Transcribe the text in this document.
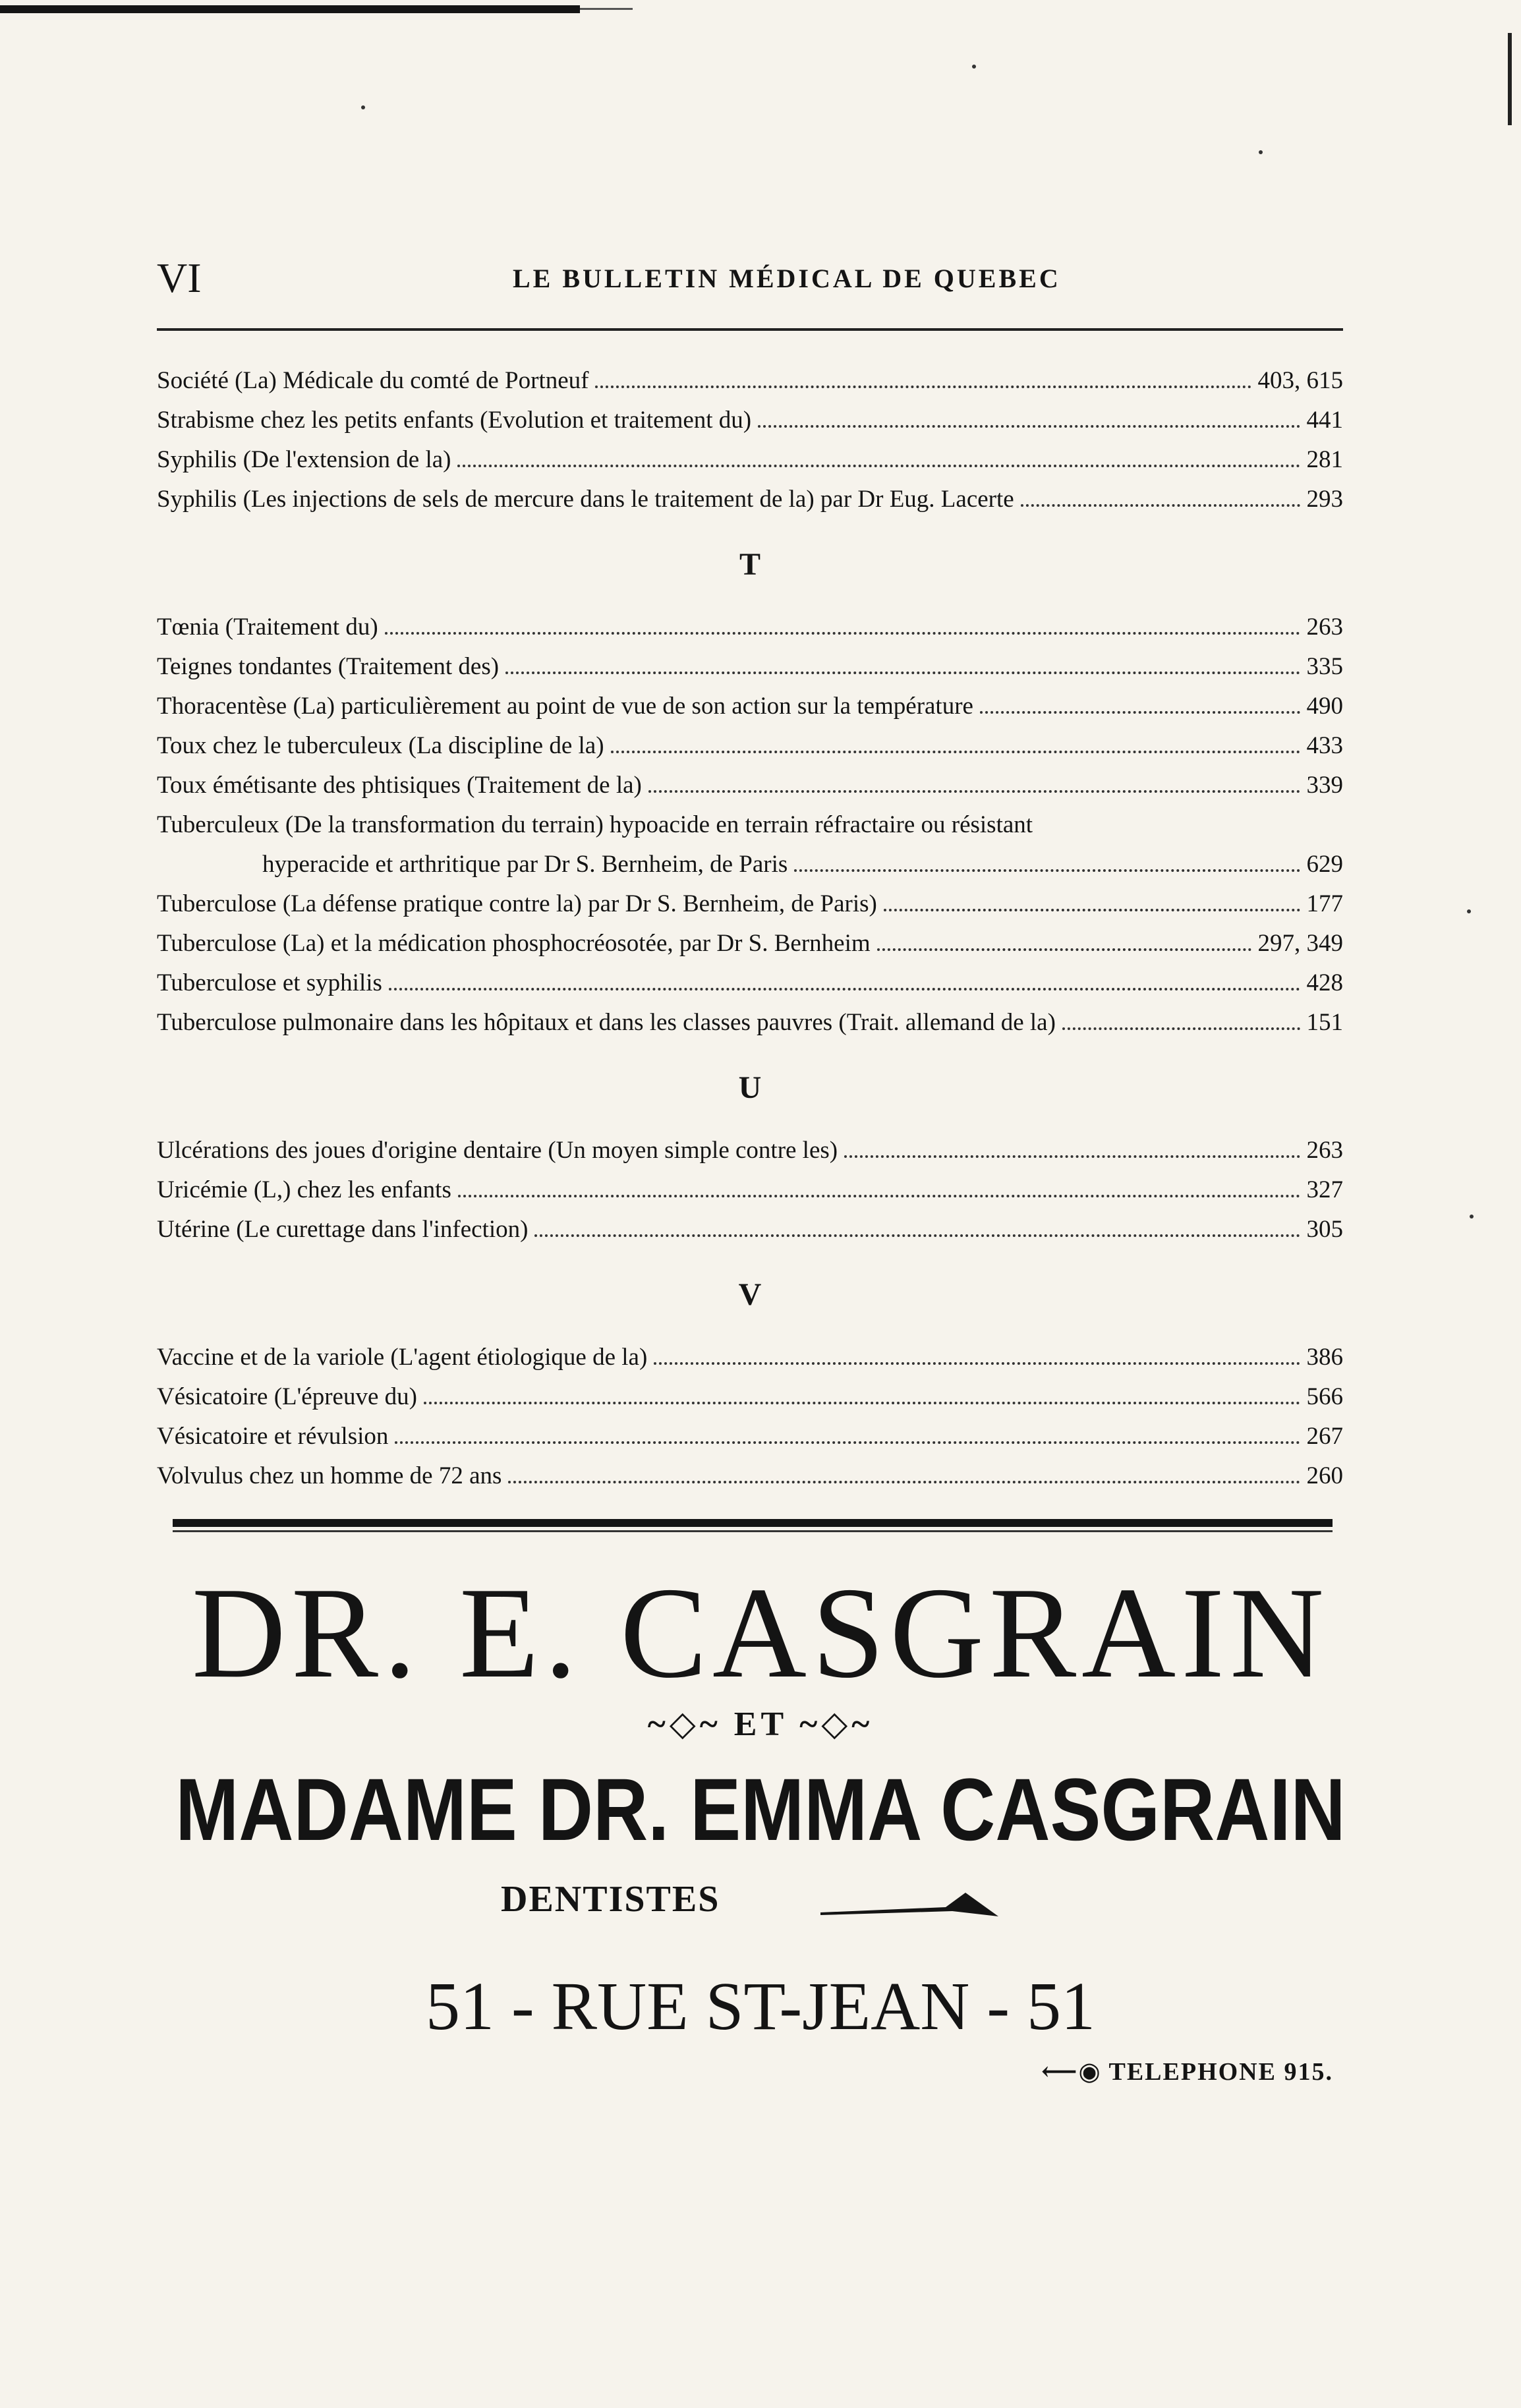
VI	LE BULLETIN MÉDICAL DE QUEBEC
Société (La) Médicale du comté de Portneuf	403, 615
Strabisme chez les petits enfants (Evolution et traitement du)	441
Syphilis (De l'extension de la)	281
Syphilis (Les injections de sels de mercure dans le traitement de la) par Dr Eug. Lacerte	293
T
Tœnia (Traitement du)	263
Teignes tondantes (Traitement des)	335
Thoracentèse (La) particulièrement au point de vue de son action sur la température	490
Toux chez le tuberculeux (La discipline de la)	433
Toux émétisante des phtisiques (Traitement de la)	339
Tuberculeux (De la transformation du terrain) hypoacide en terrain réfractaire ou résistant
hyperacide et arthritique par Dr S. Bernheim, de Paris	629
Tuberculose (La défense pratique contre la) par Dr S. Bernheim, de Paris)	177
Tuberculose (La) et la médication phosphocréosotée, par Dr S. Bernheim	297, 349
Tuberculose et syphilis	428
Tuberculose pulmonaire dans les hôpitaux et dans les classes pauvres (Trait. allemand de la)	151
U
Ulcérations des joues d'origine dentaire (Un moyen simple contre les)	263
Uricémie (L,) chez les enfants	327
Utérine (Le curettage dans l'infection)	305
V
Vaccine et de la variole (L'agent étiologique de la)	386
Vésicatoire (L'épreuve du)	566
Vésicatoire et révulsion	267
Volvulus chez un homme de 72 ans	260
DR. E. CASGRAIN
~◇~ ET ~◇~
MADAME DR. EMMA CASGRAIN
DENTISTES
51 - RUE ST-JEAN - 51
⟵◉ TELEPHONE 915.
